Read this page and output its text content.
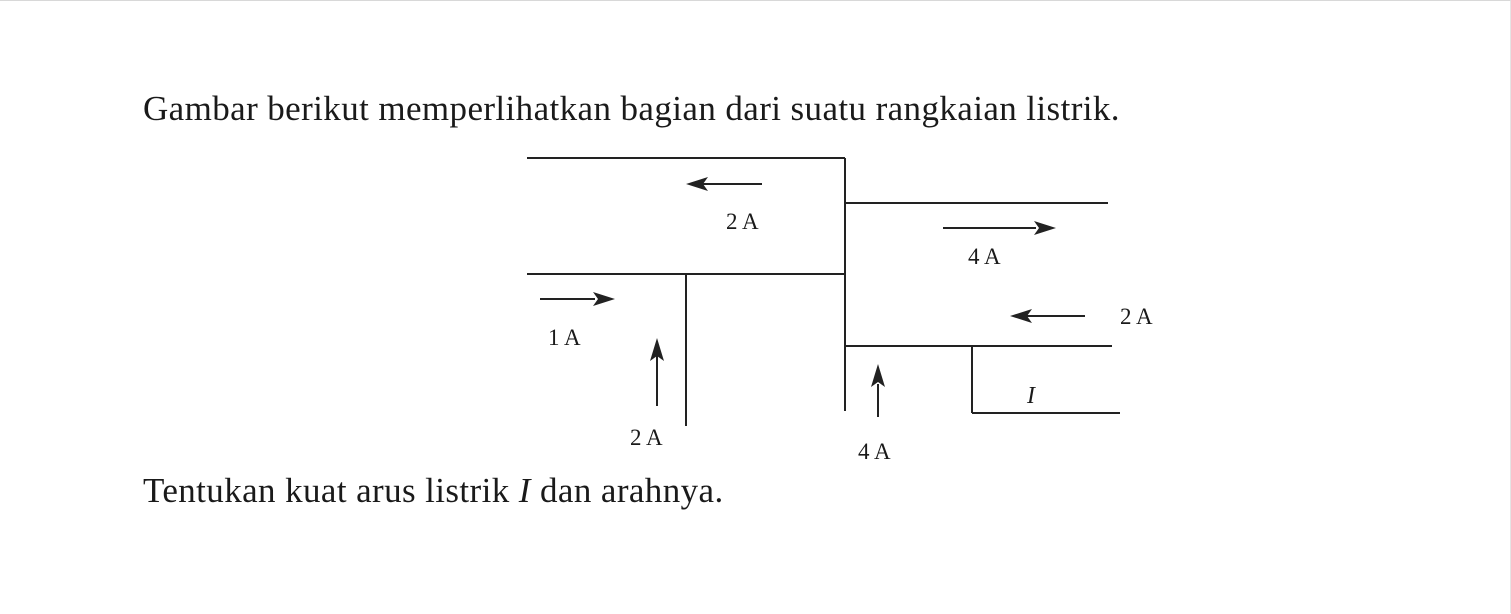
Gambar berikut memperlihatkan bagian dari suatu rangkaian listrik.

2 A
4 A
1 A
2 A
2 A
4 A
I

Tentukan kuat arus listrik I dan arahnya.
